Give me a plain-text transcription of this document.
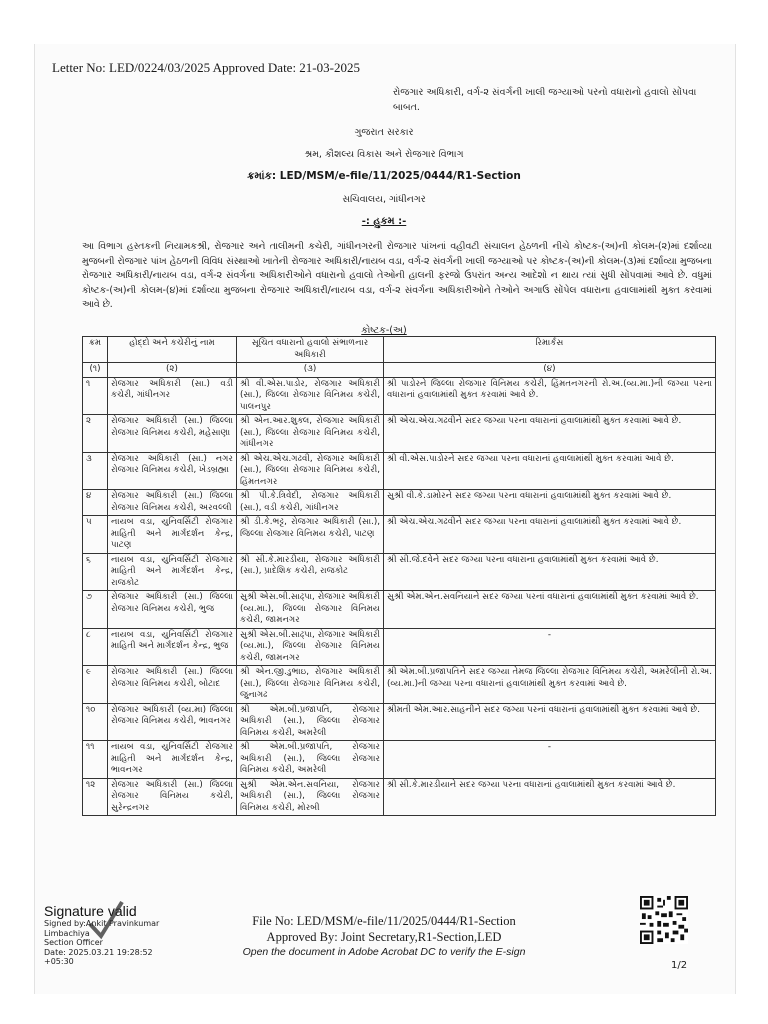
Letter No: LED/0224/03/2025 Approved Date: 21-03-2025
રોજગાર અધિકારી, વર્ગ-૨ સંવર્ગની ખાલી જગ્યાઓ પરનો વધારાનો હવાલો સોંપવા બાબત.
ગુજરાત સરકાર
શ્રમ, કૌશલ્ય વિકાસ અને રોજગાર વિભાગ
ક્રમાંક: LED/MSM/e-file/11/2025/0444/R1-Section
સચિવાલય, ગાંધીનગર
-: હુકમ :-
આ વિભાગ હસ્તકની નિયામકશ્રી, રોજગાર અને તાલીમની કચેરી, ગાંધીનગરની રોજગાર પાંખનાં વહીવટી સંચાલન હેઠળની નીચે કોષ્ટક-(અ)ની કોલમ-(૨)માં દર્શાવ્યા મુજબની રોજગાર પાંખ હેઠળની વિવિધ સંસ્થાઓ ખાતેની રોજગાર અધિકારી/નાયબ વડા, વર્ગ-૨ સંવર્ગની ખાલી જગ્યાઓ પર કોષ્ટક-(અ)ની કોલમ-(૩)માં દર્શાવ્યા મુજબના રોજગાર અધિકારી/નાયબ વડા, વર્ગ-૨ સંવર્ગના અધિકારીઓને વધારાનો હવાલો તેઓની હાલની ફરજો ઉપરાંત અન્ય આદેશો ન થાય ત્યાં સુધી સોંપવામાં આવે છે. વધુમાં કોષ્ટક-(અ)ની કોલમ-(૪)માં દર્શાવ્યા મુજબના રોજગાર અધિકારી/નાયબ વડા, વર્ગ-૨ સંવર્ગના અધિકારીઓને તેઓને અગાઉ સોંપેલ વધારાના હવાલામાંથી મુક્ત કરવામાં આવે છે.
કોષ્ટક-(અ)
ક્રમ	હોદ્દો અને કચેરીનું નામ	સૂચિત વધારાનો હવાલો સંભાળનાર અધિકારી	રિમાર્કસ
(૧)	(૨)	(૩)	(૪)
૧	રોજગાર અધિકારી (સા.) વડી કચેરી, ગાંધીનગર	શ્રી વી.એસ.પાડોર, રોજગાર અધિકારી (સા.), જિલ્લા રોજગાર વિનિમય કચેરી, પાલનપુર	શ્રી પાડોરને જિલ્લા રોજગાર વિનિમય કચેરી, હિંમતનગરની રો.અ.(વ્ય.મા.)ની જગ્યા પરના વધારાનાં હવાલામાંથી મુક્ત કરવામાં આવે છે.
૨	રોજગાર અધિકારી (સા.) જિલ્લા રોજગાર વિનિમય કચેરી, મહેસાણા	શ્રી એન.આર.શુક્લ, રોજગાર અધિકારી (સા.), જિલ્લા રોજગાર વિનિમય કચેરી, ગાંધીનગર	શ્રી એચ.એચ.ગઢવીને સદર જગ્યા પરના વધારાનાં હવાલામાંથી મુક્ત કરવામાં આવે છે.
૩	રોજગાર અધિકારી (સા.) નગર રોજગાર વિનિમય કચેરી, ખેડબ્રહ્મા	શ્રી એચ.એચ.ગઢવી, રોજગાર અધિકારી (સા.), જિલ્લા રોજગાર વિનિમય કચેરી, હિંમતનગર	શ્રી વી.એસ.પાડોરને સદર જગ્યા પરના વધારાનાં હવાલામાંથી મુક્ત કરવામાં આવે છે.
૪	રોજગાર અધિકારી (સા.) જિલ્લા રોજગાર વિનિમય કચેરી, અરવલ્લી	શ્રી પી.કે.ત્રિવેદી, રોજગાર અધિકારી (સા.), વડી કચેરી, ગાંધીનગર	સુશ્રી વી.કે.ડામોરને સદર જગ્યા પરના વધારાનાં હવાલામાંથી મુક્ત કરવામાં આવે છે.
૫	નાયબ વડા, યુનિવર્સિટી રોજગાર માહિતી અને માર્ગદર્શન કેન્દ્ર, પાટણ	શ્રી ડી.કે.ભટ્ટ, રોજગાર અધિકારી (સા.), જિલ્લા રોજગાર વિનિમય કચેરી, પાટણ	શ્રી એચ.એચ.ગઢવીને સદર જગ્યા પરના વધારાનાં હવાલામાંથી મુક્ત કરવામાં આવે છે.
૬	નાયબ વડા, યુનિવર્સિટી રોજગાર માહિતી અને માર્ગદર્શન કેન્દ્ર, રાજકોટ	શ્રી સી.કે.મારડીયા, રોજગાર અધિકારી (સા.), પ્રાદેશિક કચેરી, રાજકોટ	શ્રી સી.જે.દવેને સદર જગ્યા પરના વધારાના હવાલામાંથી મુક્ત કરવામાં આવે છે.
૭	રોજગાર અધિકારી (સા.) જિલ્લા રોજગાર વિનિમય કચેરી, ભુજ	સુશ્રી એસ.બી.સાઢ્પા, રોજગાર અધિકારી (વ્ય.મા.), જિલ્લા રોજગાર વિનિમય કચેરી, જામનગર	સુશ્રી એમ.એન.સવનિયાને સદર જગ્યા પરનાં વધારાનાં હવાલામાંથી મુક્ત કરવામાં આવે છે.
૮	નાયબ વડા, યુનિવર્સિટી રોજગાર માહિતી અને માર્ગદર્શન કેન્દ્ર, ભુજ	સુશ્રી એસ.બી.સાઢ્પા, રોજગાર અધિકારી (વ્ય.મા.), જિલ્લા રોજગાર વિનિમય કચેરી, જામનગર	-
૯	રોજગાર અધિકારી (સા.) જિલ્લા રોજગાર વિનિમય કચેરી, બોટાદ	શ્રી એન.જી.ડુભાઇ, રોજગાર અધિકારી (સા.), જિલ્લા રોજગાર વિનિમય કચેરી, જુનાગઢ	શ્રી એમ.બી.પ્રજાપતિને સદર જગ્યા તેમજ જિલ્લા રોજગાર વિનિમય કચેરી, અમરેલીની રો.અ.(વ્ય.મા.)ની જગ્યા પરના વધારાનાં હવાલામાંથી મુક્ત કરવામાં આવે છે.
૧૦	રોજગાર અધિકારી (વ્ય.મા) જિલ્લા રોજગાર વિનિમય કચેરી, ભાવનગર	શ્રી એમ.બી.પ્રજાપતિ, રોજગાર અધિકારી (સા.), જિલ્લા રોજગાર વિનિમય કચેરી, અમરેલી	શ્રીમતી એમ.આર.સાહનીને સદર જગ્યા પરનાં વધારાનાં હવાલામાંથી મુક્ત કરવામાં આવે છે.
૧૧	નાયબ વડા, યુનિવર્સિટી રોજગાર માહિતી અને માર્ગદર્શન કેન્દ્ર, ભાવનગર	શ્રી એમ.બી.પ્રજાપતિ, રોજગાર અધિકારી (સા.), જિલ્લા રોજગાર વિનિમય કચેરી, અમરેલી	-
૧૨	રોજગાર અધિકારી (સા.) જિલ્લા રોજગાર વિનિમય કચેરી, સુરેન્દ્રનગર	સુશ્રી એમ.એન.સવનિયા, રોજગાર અધિકારી (સા.), જિલ્લા રોજગાર વિનિમય કચેરી, મોરબી	શ્રી સી.કે.મારડીયાને સદર જગ્યા પરના વધારાનાં હવાલામાંથી મુક્ત કરવામાં આવે છે.
Signature valid
Signed by:Ankit Pravinkumar
Limbachiya
Section Officer
Date: 2025.03.21 19:28:52
+05:30
File No: LED/MSM/e-file/11/2025/0444/R1-Section
Approved By: Joint Secretary,R1-Section,LED
Open the document in Adobe Acrobat DC to verify the E-sign
1/2
